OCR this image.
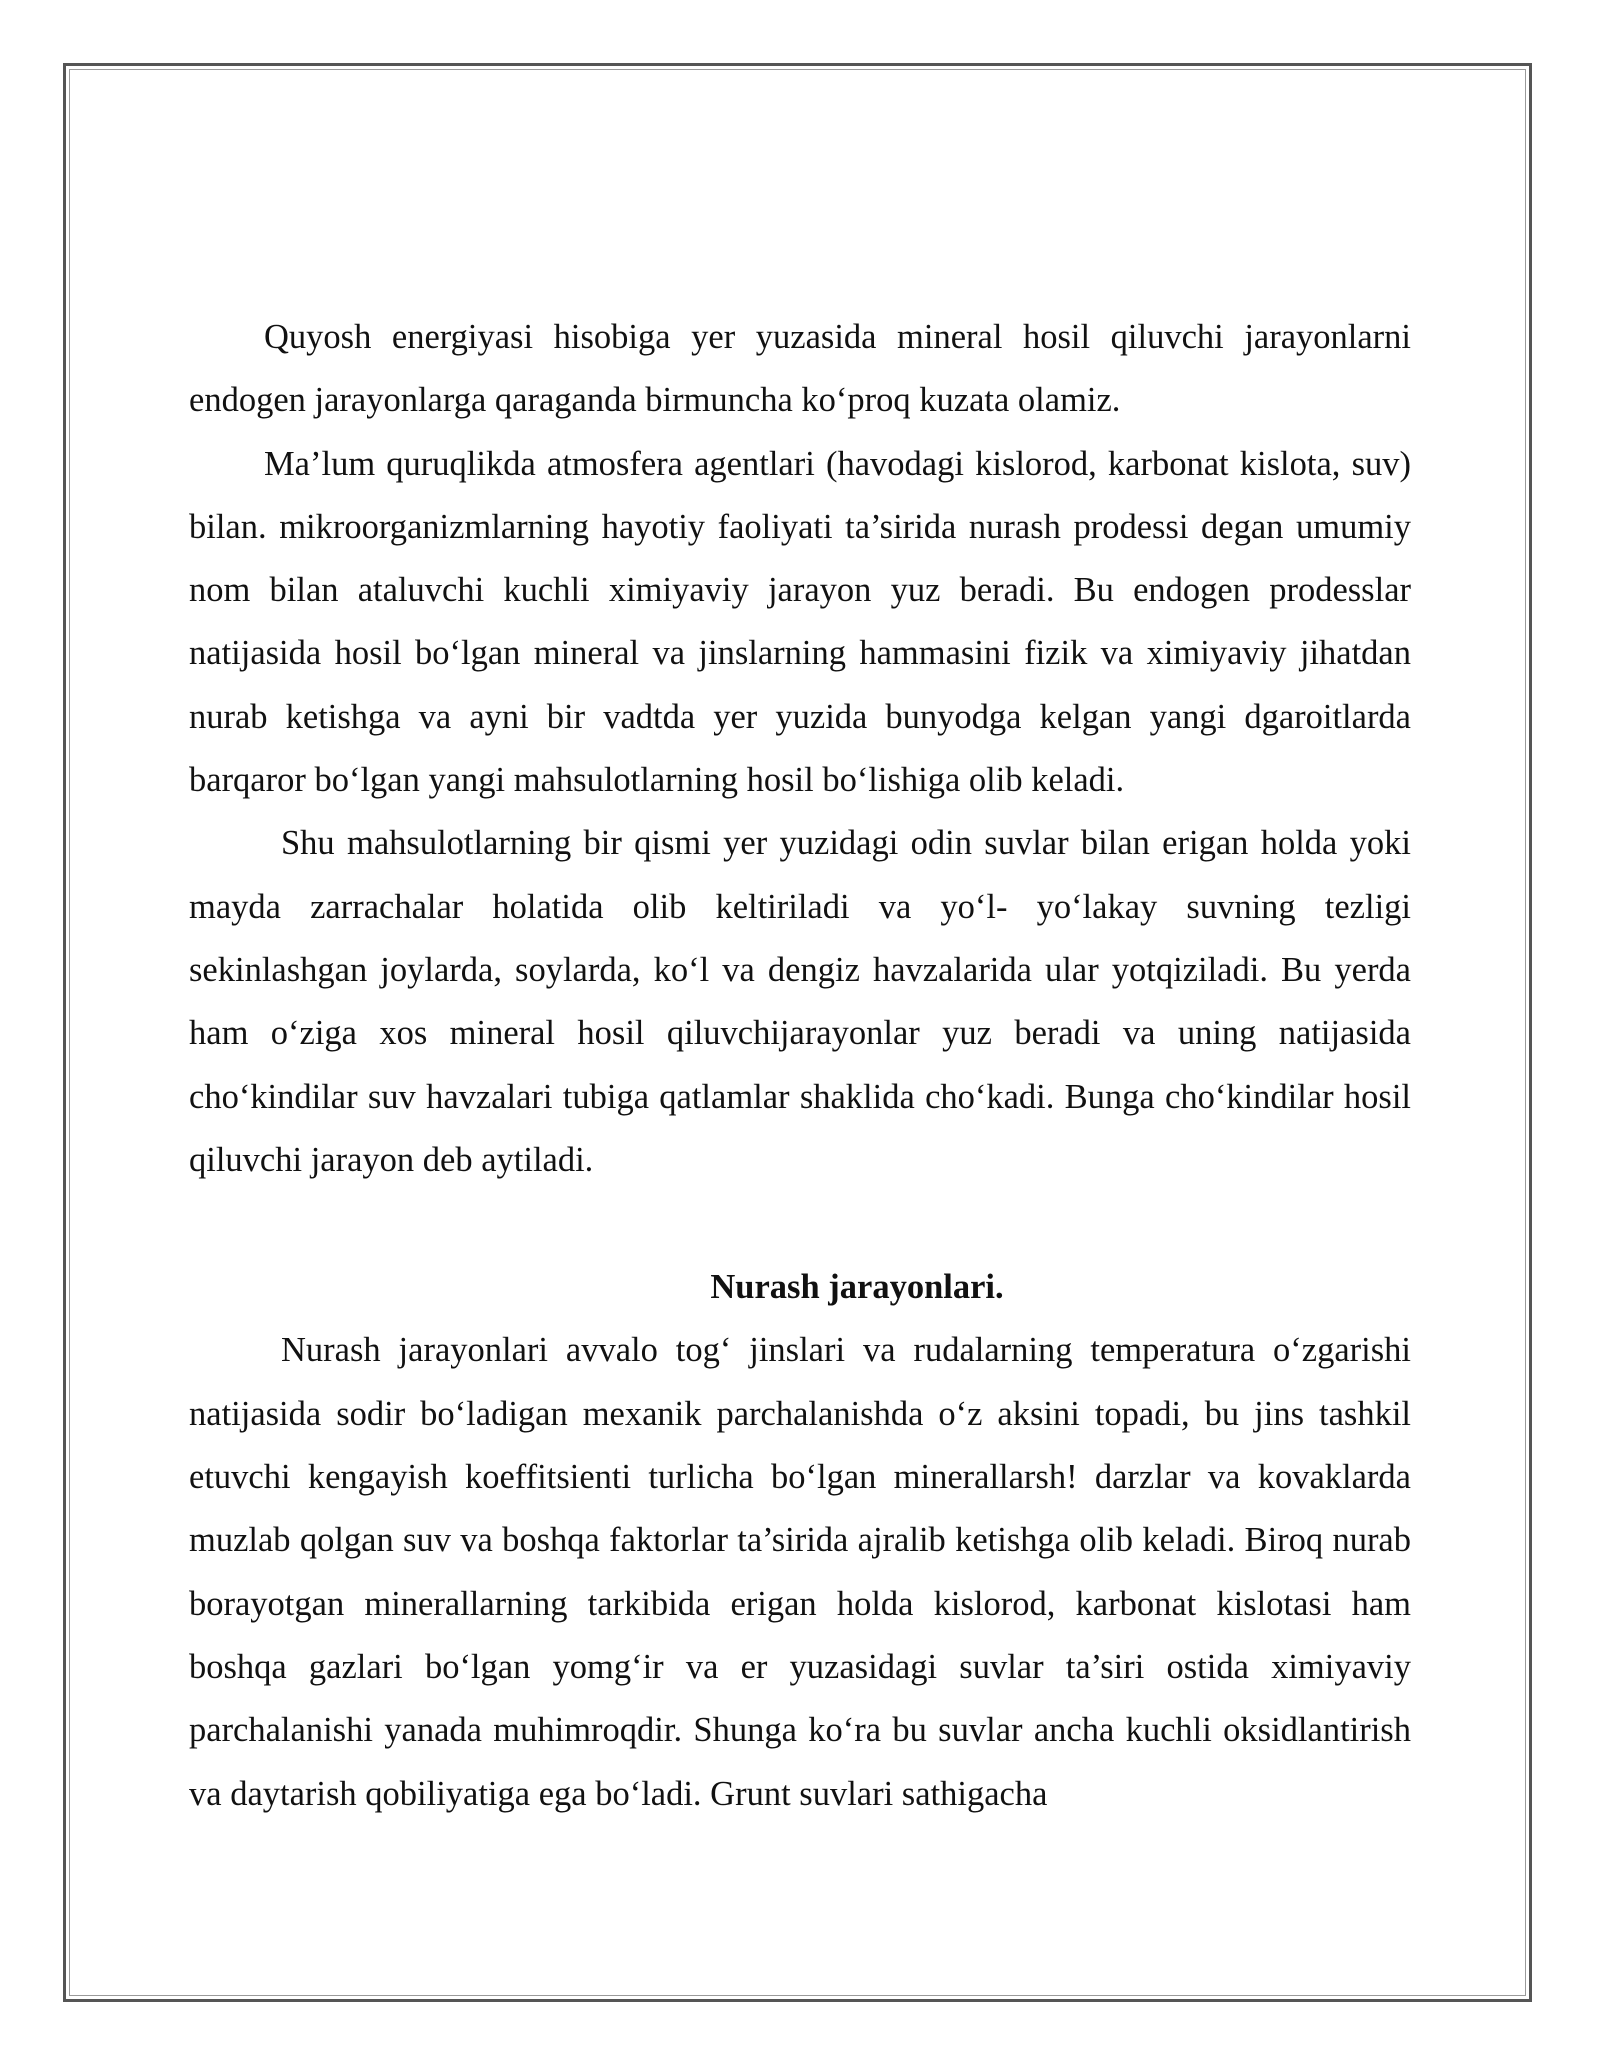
Quyosh energiyasi hisobiga yer yuzasida mineral hosil qiluvchi jarayonlarni endogen jarayonlarga qaraganda birmuncha ko‘proq kuzata olamiz.

Ma’lum quruqlikda atmosfera agentlari (havodagi kislorod, karbonat kislota, suv) bilan. mikroorganizmlarning hayotiy faoliyati ta’sirida nurash prodessi degan umumiy nom bilan ataluvchi kuchli ximiyaviy jarayon yuz beradi. Bu endogen prodesslar natijasida hosil bo‘lgan mineral va jinslarning hammasini fizik va ximiyaviy jihatdan nurab ketishga va ayni bir vadtda yer yuzida bunyodga kelgan yangi dgaroitlarda barqaror bo‘lgan yangi mahsulotlarning hosil bo‘lishiga olib keladi.

Shu mahsulotlarning bir qismi yer yuzidagi odin suvlar bilan erigan holda yoki mayda zarrachalar holatida olib keltiriladi va yo‘l- yo‘lakay suvning tezligi sekinlashgan joylarda, soylarda, ko‘l va dengiz havzalarida ular yotqiziladi. Bu yerda ham o‘ziga xos mineral hosil qiluvchijarayonlar yuz beradi va uning natijasida cho‘kindilar suv havzalari tubiga qatlamlar shaklida cho‘kadi. Bunga cho‘kindilar hosil qiluvchi jarayon deb aytiladi.

Nurash jarayonlari.

Nurash jarayonlari avvalo tog‘ jinslari va rudalarning temperatura o‘zgarishi natijasida sodir bo‘ladigan mexanik parchalanishda o‘z aksini topadi, bu jins tashkil etuvchi kengayish koeffitsienti turlicha bo‘lgan minerallarsh! darzlar va kovaklarda muzlab qolgan suv va boshqa faktorlar ta’sirida ajralib ketishga olib keladi. Biroq nurab borayotgan minerallarning tarkibida erigan holda kislorod, karbonat kislotasi ham boshqa gazlari bo‘lgan yomg‘ir va er yuzasidagi suvlar ta’siri ostida ximiyaviy parchalanishi yanada muhimroqdir. Shunga ko‘ra bu suvlar ancha kuchli oksidlantirish va daytarish qobiliyatiga ega bo‘ladi. Grunt suvlari sathigacha
